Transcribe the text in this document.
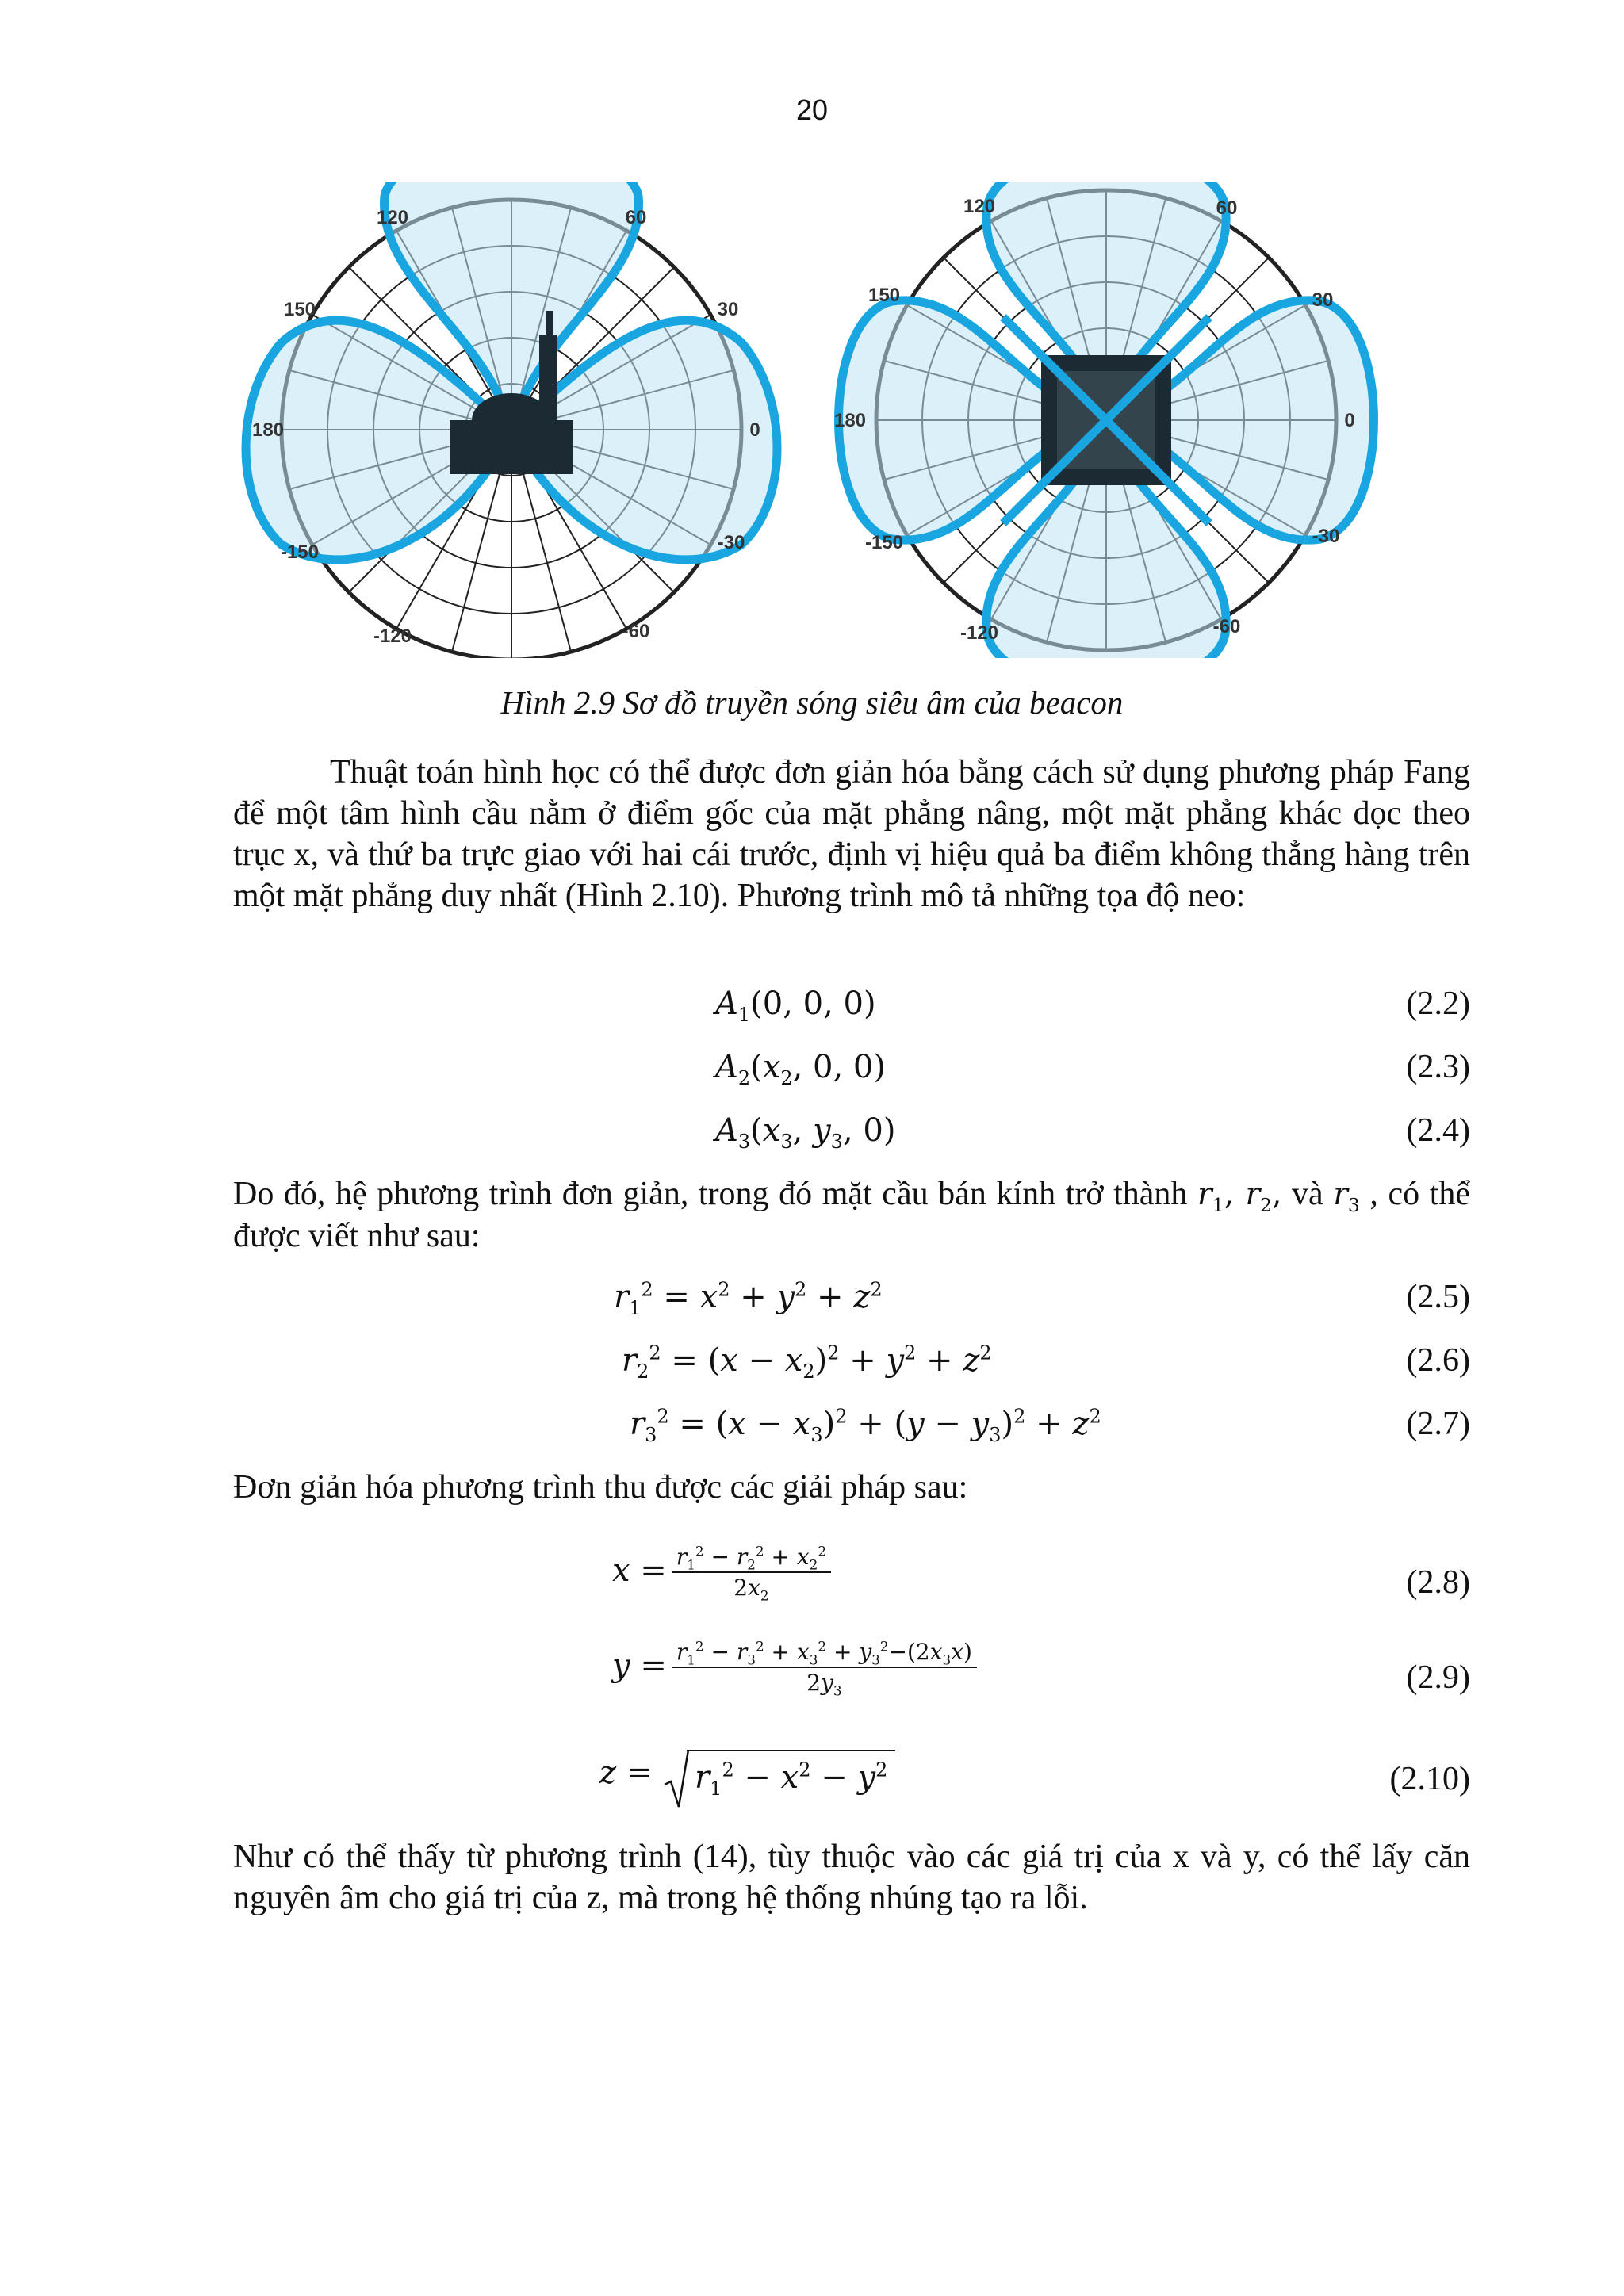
20
120	60
150	30
180	0
-150	-30
-120	-60
120	60
150	30
180	0
-150	-30
-120	-60
Hình 2.9 Sơ đồ truyền sóng siêu âm của beacon
Thuật toán hình học có thể được đơn giản hóa bằng cách sử dụng phương pháp Fang để một tâm hình cầu nằm ở điểm gốc của mặt phẳng nâng, một mặt phẳng khác dọc theo trục x, và thứ ba trực giao với hai cái trước, định vị hiệu quả ba điểm không thẳng hàng trên một mặt phẳng duy nhất (Hình 2.10). Phương trình mô tả những tọa độ neo:
$A_1(0$, 0, 0)	(2.2)
$A_2(x_2$, 0, 0)	(2.3)
$A_3(x_3$, $y_3$, 0)	(2.4)
Do đó, hệ phương trình đơn giản, trong đó mặt cầu bán kính trở thành $r_1$, $r_2$, và $r_3$ , có thể được viết như sau:
$r_1^2 = x^2 + y^2 + z^2$	(2.5)
$r_2^2 = (x - x_2)^2 + y^2 + z^2$	(2.6)
$r_3^2 = (x - x_3)^2 + (y - y_3)^2 + z^2$	(2.7)
Đơn giản hóa phương trình thu được các giải pháp sau:
$x = \frac{r_1^2 - r_2^2 + x_2^2}{2x_2}$	(2.8)
$y = \frac{r_1^2 - r_3^2 + x_3^2 + y_3^2-(2x_3x)}{2y_3}$	(2.9)
z =
$r_1^2 - x^2 - y^2$	(2.10)
Như có thể thấy từ phương trình (14), tùy thuộc vào các giá trị của x và y, có thể lấy căn nguyên âm cho giá trị của z, mà trong hệ thống nhúng tạo ra lỗi.
